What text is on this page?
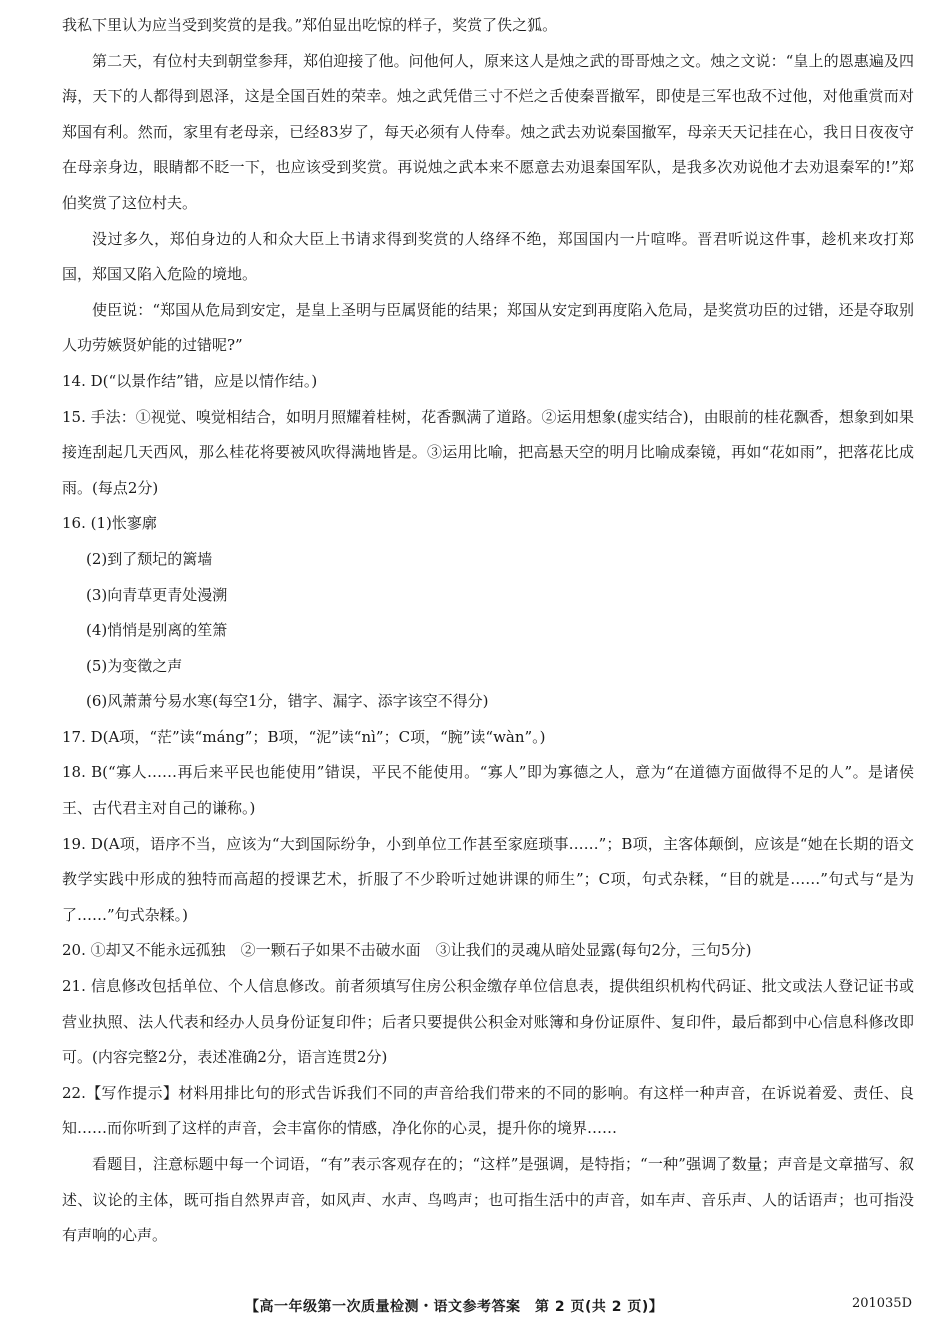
我私下里认为应当受到奖赏的是我。”郑伯显出吃惊的样子，奖赏了佚之狐。

第二天，有位村夫到朝堂参拜，郑伯迎接了他。问他何人，原来这人是烛之武的哥哥烛之文。烛之文说：“皇上的恩惠遍及四海，天下的人都得到恩泽，这是全国百姓的荣幸。烛之武凭借三寸不烂之舌使秦晋撤军，即使是三军也敌不过他，对他重赏而对郑国有利。然而，家里有老母亲，已经83岁了，每天必须有人侍奉。烛之武去劝说秦国撤军，母亲天天记挂在心，我日日夜夜守在母亲身边，眼睛都不眨一下，也应该受到奖赏。再说烛之武本来不愿意去劝退秦国军队，是我多次劝说他才去劝退秦军的!”郑伯奖赏了这位村夫。

没过多久，郑伯身边的人和众大臣上书请求得到奖赏的人络绎不绝，郑国国内一片喧哗。晋君听说这件事，趁机来攻打郑国，郑国又陷入危险的境地。

使臣说：“郑国从危局到安定，是皇上圣明与臣属贤能的结果；郑国从安定到再度陷入危局，是奖赏功臣的过错，还是夺取别人功劳嫉贤妒能的过错呢?”

14. D(“以景作结”错，应是以情作结。)

15. 手法：①视觉、嗅觉相结合，如明月照耀着桂树，花香飘满了道路。②运用想象(虚实结合)，由眼前的桂花飘香，想象到如果接连刮起几天西风，那么桂花将要被风吹得满地皆是。③运用比喻，把高悬天空的明月比喻成秦镜，再如“花如雨”，把落花比成雨。(每点2分)

16. (1)怅寥廓

(2)到了颓圮的篱墙

(3)向青草更青处漫溯

(4)悄悄是别离的笙箫

(5)为变徵之声

(6)风萧萧兮易水寒(每空1分，错字、漏字、添字该空不得分)

17. D(A项，“茫”读“máng”；B项，“泥”读“nì”；C项，“腕”读“wàn”。)

18. B(“寡人……再后来平民也能使用”错误，平民不能使用。“寡人”即为寡德之人，意为“在道德方面做得不足的人”。是诸侯王、古代君主对自己的谦称。)

19. D(A项，语序不当，应该为“大到国际纷争，小到单位工作甚至家庭琐事……”；B项，主客体颠倒，应该是“她在长期的语文教学实践中形成的独特而高超的授课艺术，折服了不少聆听过她讲课的师生”；C项，句式杂糅，“目的就是……”句式与“是为了……”句式杂糅。)

20. ①却又不能永远孤独　②一颗石子如果不击破水面　③让我们的灵魂从暗处显露(每句2分，三句5分)

21. 信息修改包括单位、个人信息修改。前者须填写住房公积金缴存单位信息表，提供组织机构代码证、批文或法人登记证书或营业执照、法人代表和经办人员身份证复印件；后者只要提供公积金对账簿和身份证原件、复印件，最后都到中心信息科修改即可。(内容完整2分，表述准确2分，语言连贯2分)

22.【写作提示】材料用排比句的形式告诉我们不同的声音给我们带来的不同的影响。有这样一种声音，在诉说着爱、责任、良知……而你听到了这样的声音，会丰富你的情感，净化你的心灵，提升你的境界……

看题目，注意标题中每一个词语，“有”表示客观存在的；“这样”是强调，是特指；“一种”强调了数量；声音是文章描写、叙述、议论的主体，既可指自然界声音，如风声、水声、鸟鸣声；也可指生活中的声音，如车声、音乐声、人的话语声；也可指没有声响的心声。

【高一年级第一次质量检测・语文参考答案　第 2 页(共 2 页)】	201035D
